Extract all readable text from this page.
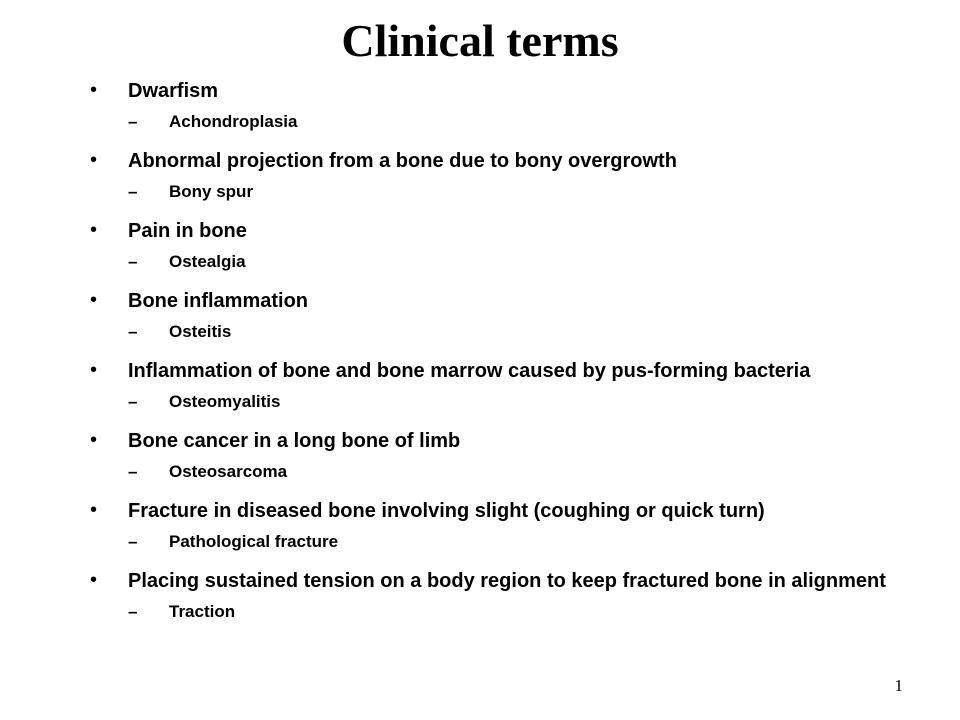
Clinical terms
• Dwarfism
– Achondroplasia
• Abnormal projection from a bone due to bony overgrowth
– Bony spur
• Pain in bone
– Ostealgia
• Bone inflammation
– Osteitis
• Inflammation of bone and bone marrow caused by pus-forming bacteria
– Osteomyalitis
• Bone cancer in a long bone of limb
– Osteosarcoma
• Fracture in diseased bone involving slight (coughing or quick turn)
– Pathological fracture
• Placing sustained tension on a body region to keep fractured bone in alignment
– Traction
1
